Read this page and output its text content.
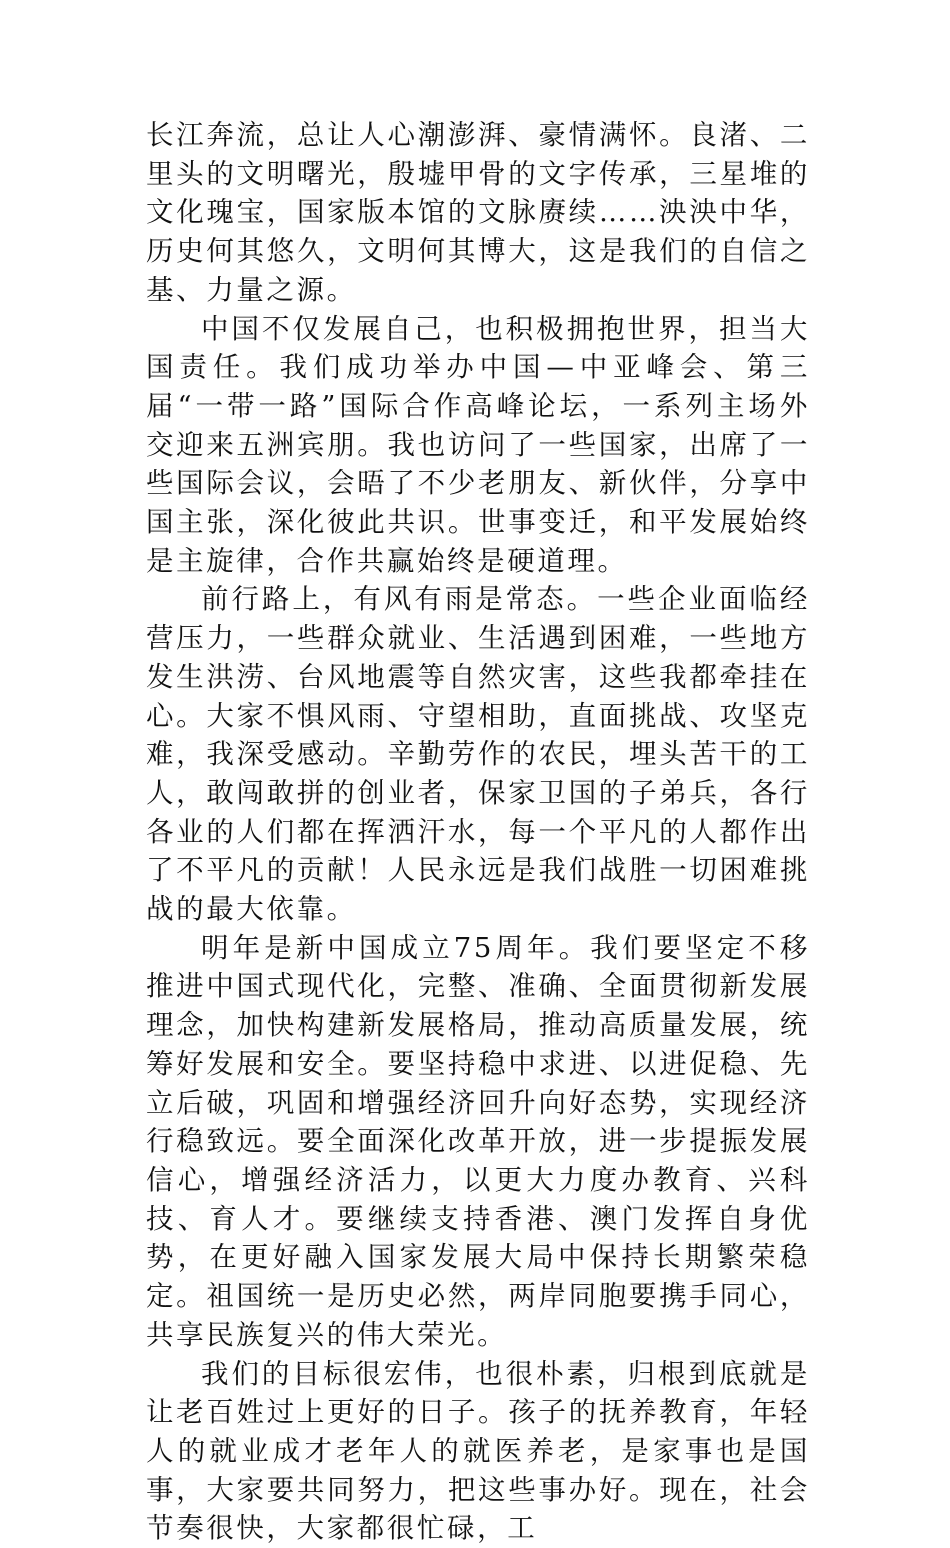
长江奔流，总让人心潮澎湃、豪情满怀。良渚、二里头的文明曙光，殷墟甲骨的文字传承，三星堆的文化瑰宝，国家版本馆的文脉赓续……泱泱中华，历史何其悠久，文明何其博大，这是我们的自信之基、力量之源。

中国不仅发展自己，也积极拥抱世界，担当大国责任。我们成功举办中国—中亚峰会、第三届“一带一路”国际合作高峰论坛，一系列主场外交迎来五洲宾朋。我也访问了一些国家，出席了一些国际会议，会晤了不少老朋友、新伙伴，分享中国主张，深化彼此共识。世事变迁，和平发展始终是主旋律，合作共赢始终是硬道理。

前行路上，有风有雨是常态。一些企业面临经营压力，一些群众就业、生活遇到困难，一些地方发生洪涝、台风地震等自然灾害，这些我都牵挂在心。大家不惧风雨、守望相助，直面挑战、攻坚克难，我深受感动。辛勤劳作的农民，埋头苦干的工人，敢闯敢拼的创业者，保家卫国的子弟兵，各行各业的人们都在挥洒汗水，每一个平凡的人都作出了不平凡的贡献！人民永远是我们战胜一切困难挑战的最大依靠。

明年是新中国成立75周年。我们要坚定不移推进中国式现代化，完整、准确、全面贯彻新发展理念，加快构建新发展格局，推动高质量发展，统筹好发展和安全。要坚持稳中求进、以进促稳、先立后破，巩固和增强经济回升向好态势，实现经济行稳致远。要全面深化改革开放，进一步提振发展信心，增强经济活力，以更大力度办教育、兴科技、育人才。要继续支持香港、澳门发挥自身优势，在更好融入国家发展大局中保持长期繁荣稳定。祖国统一是历史必然，两岸同胞要携手同心，共享民族复兴的伟大荣光。

我们的目标很宏伟，也很朴素，归根到底就是让老百姓过上更好的日子。孩子的抚养教育，年轻人的就业成才老年人的就医养老，是家事也是国事，大家要共同努力，把这些事办好。现在，社会节奏很快，大家都很忙碌，工
